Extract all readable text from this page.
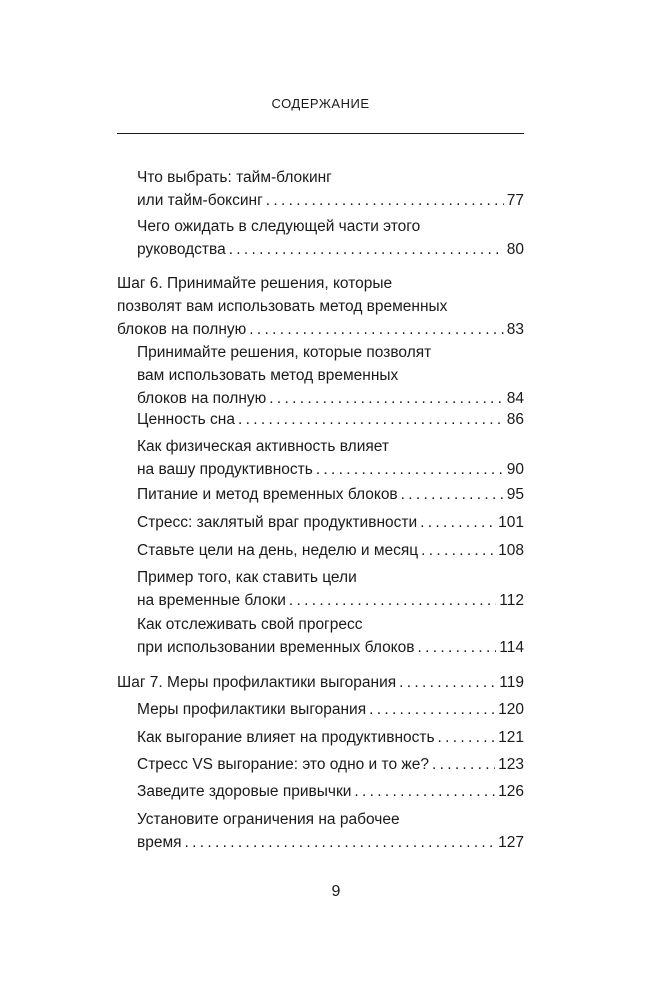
СОДЕРЖАНИЕ
Что выбрать: тайм-блокинг
или тайм-боксинг . . .	77
Чего ожидать в следующей части этого
руководства . . .	80
Шаг 6. Принимайте решения, которые
позволят вам использовать метод временных
блоков на полную . . .	83
Принимайте решения, которые позволят
вам использовать метод временных
блоков на полную . . .	84
Ценность сна . . .	86
Как физическая активность влияет
на вашу продуктивность . . .	90
Питание и метод временных блоков . . .	95
Стресс: заклятый враг продуктивности . . .	101
Ставьте цели на день, неделю и месяц . . .	108
Пример того, как ставить цели
на временные блоки . . .	112
Как отслеживать свой прогресс
при использовании временных блоков . . .	114
Шаг 7. Меры профилактики выгорания . . .	119
Меры профилактики выгорания . . .	120
Как выгорание влияет на продуктивность . . .	121
Стресс VS выгорание: это одно и то же? . . .	123
Заведите здоровые привычки . . .	126
Установите ограничения на рабочее
время . . .	127
9
